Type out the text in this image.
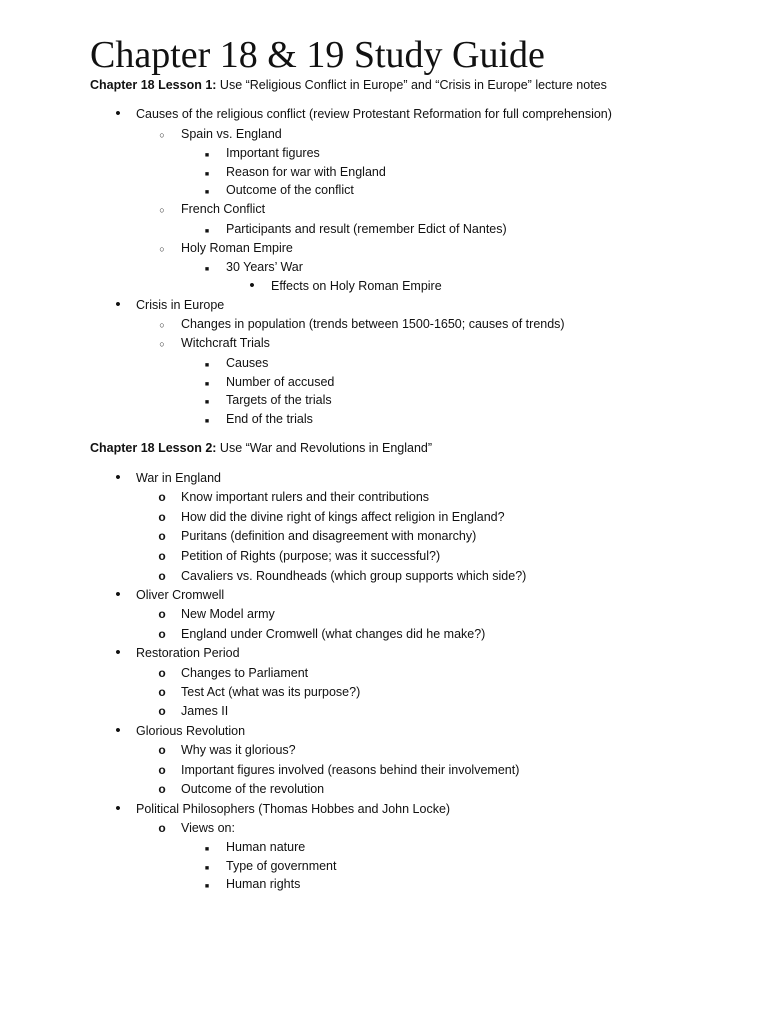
Chapter 18 & 19 Study Guide
Chapter 18 Lesson 1: Use “Religious Conflict in Europe” and “Crisis in Europe” lecture notes
•
Causes of the religious conflict (review Protestant Reformation for full comprehension)
○
Spain vs. England
■
Important figures
■
Reason for war with England
■
Outcome of the conflict
○
French Conflict
■
Participants and result (remember Edict of Nantes)
○
Holy Roman Empire
■
30 Years’ War
•
Effects on Holy Roman Empire
•
Crisis in Europe
○
Changes in population (trends between 1500-1650; causes of trends)
○
Witchcraft Trials
■
Causes
■
Number of accused
■
Targets of the trials
■
End of the trials
Chapter 18 Lesson 2: Use “War and Revolutions in England”
•
War in England
o
Know important rulers and their contributions
o
How did the divine right of kings affect religion in England?
o
Puritans (definition and disagreement with monarchy)
o
Petition of Rights (purpose; was it successful?)
o
Cavaliers vs. Roundheads (which group supports which side?)
•
Oliver Cromwell
o
New Model army
o
England under Cromwell (what changes did he make?)
•
Restoration Period
o
Changes to Parliament
o
Test Act (what was its purpose?)
o
James II
•
Glorious Revolution
o
Why was it glorious?
o
Important figures involved (reasons behind their involvement)
o
Outcome of the revolution
•
Political Philosophers (Thomas Hobbes and John Locke)
o
Views on:
■
Human nature
■
Type of government
■
Human rights
